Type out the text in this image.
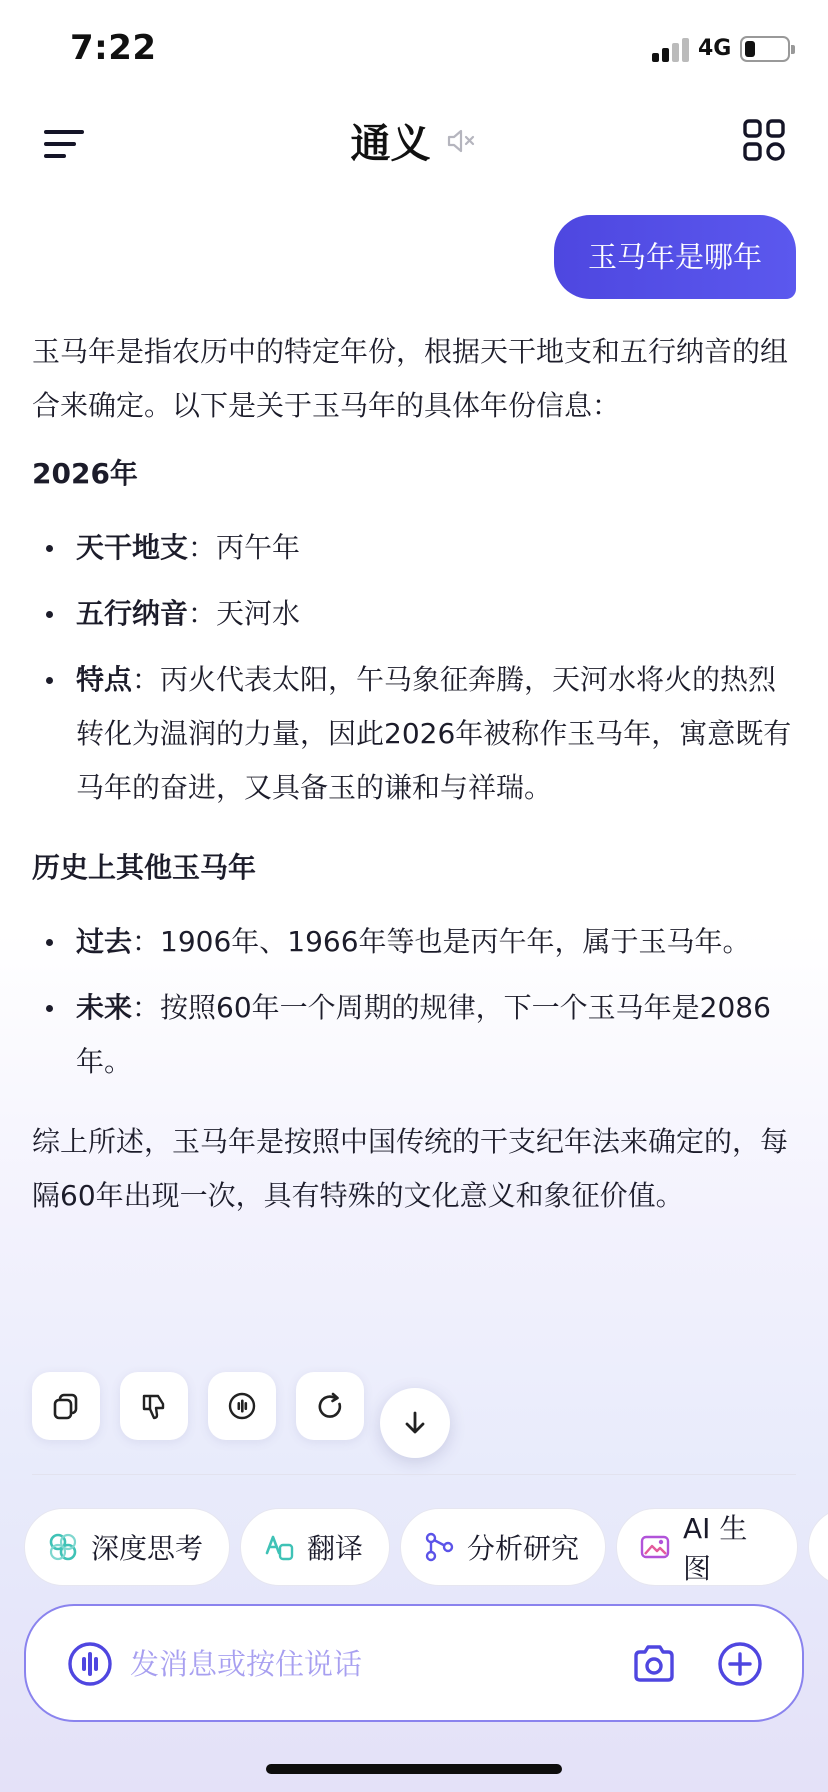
7:22	4G
通义
玉马年是哪年

玉马年是指农历中的特定年份，根据天干地支和五行纳音的组合来确定。以下是关于玉马年的具体年份信息：

2026年
天干地支：丙午年
五行纳音：天河水
特点：丙火代表太阳，午马象征奔腾，天河水将火的热烈转化为温润的力量，因此2026年被称作玉马年，寓意既有马年的奋进，又具备玉的谦和与祥瑞。
历史上其他玉马年
过去：1906年、1966年等也是丙午年，属于玉马年。
未来：按照60年一个周期的规律，下一个玉马年是2086年。

综上所述，玉马年是按照中国传统的干支纪年法来确定的，每隔60年出现一次，具有特殊的文化意义和象征价值。

深度思考	翻译	分析研究
AI 生图
发消息或按住说话
